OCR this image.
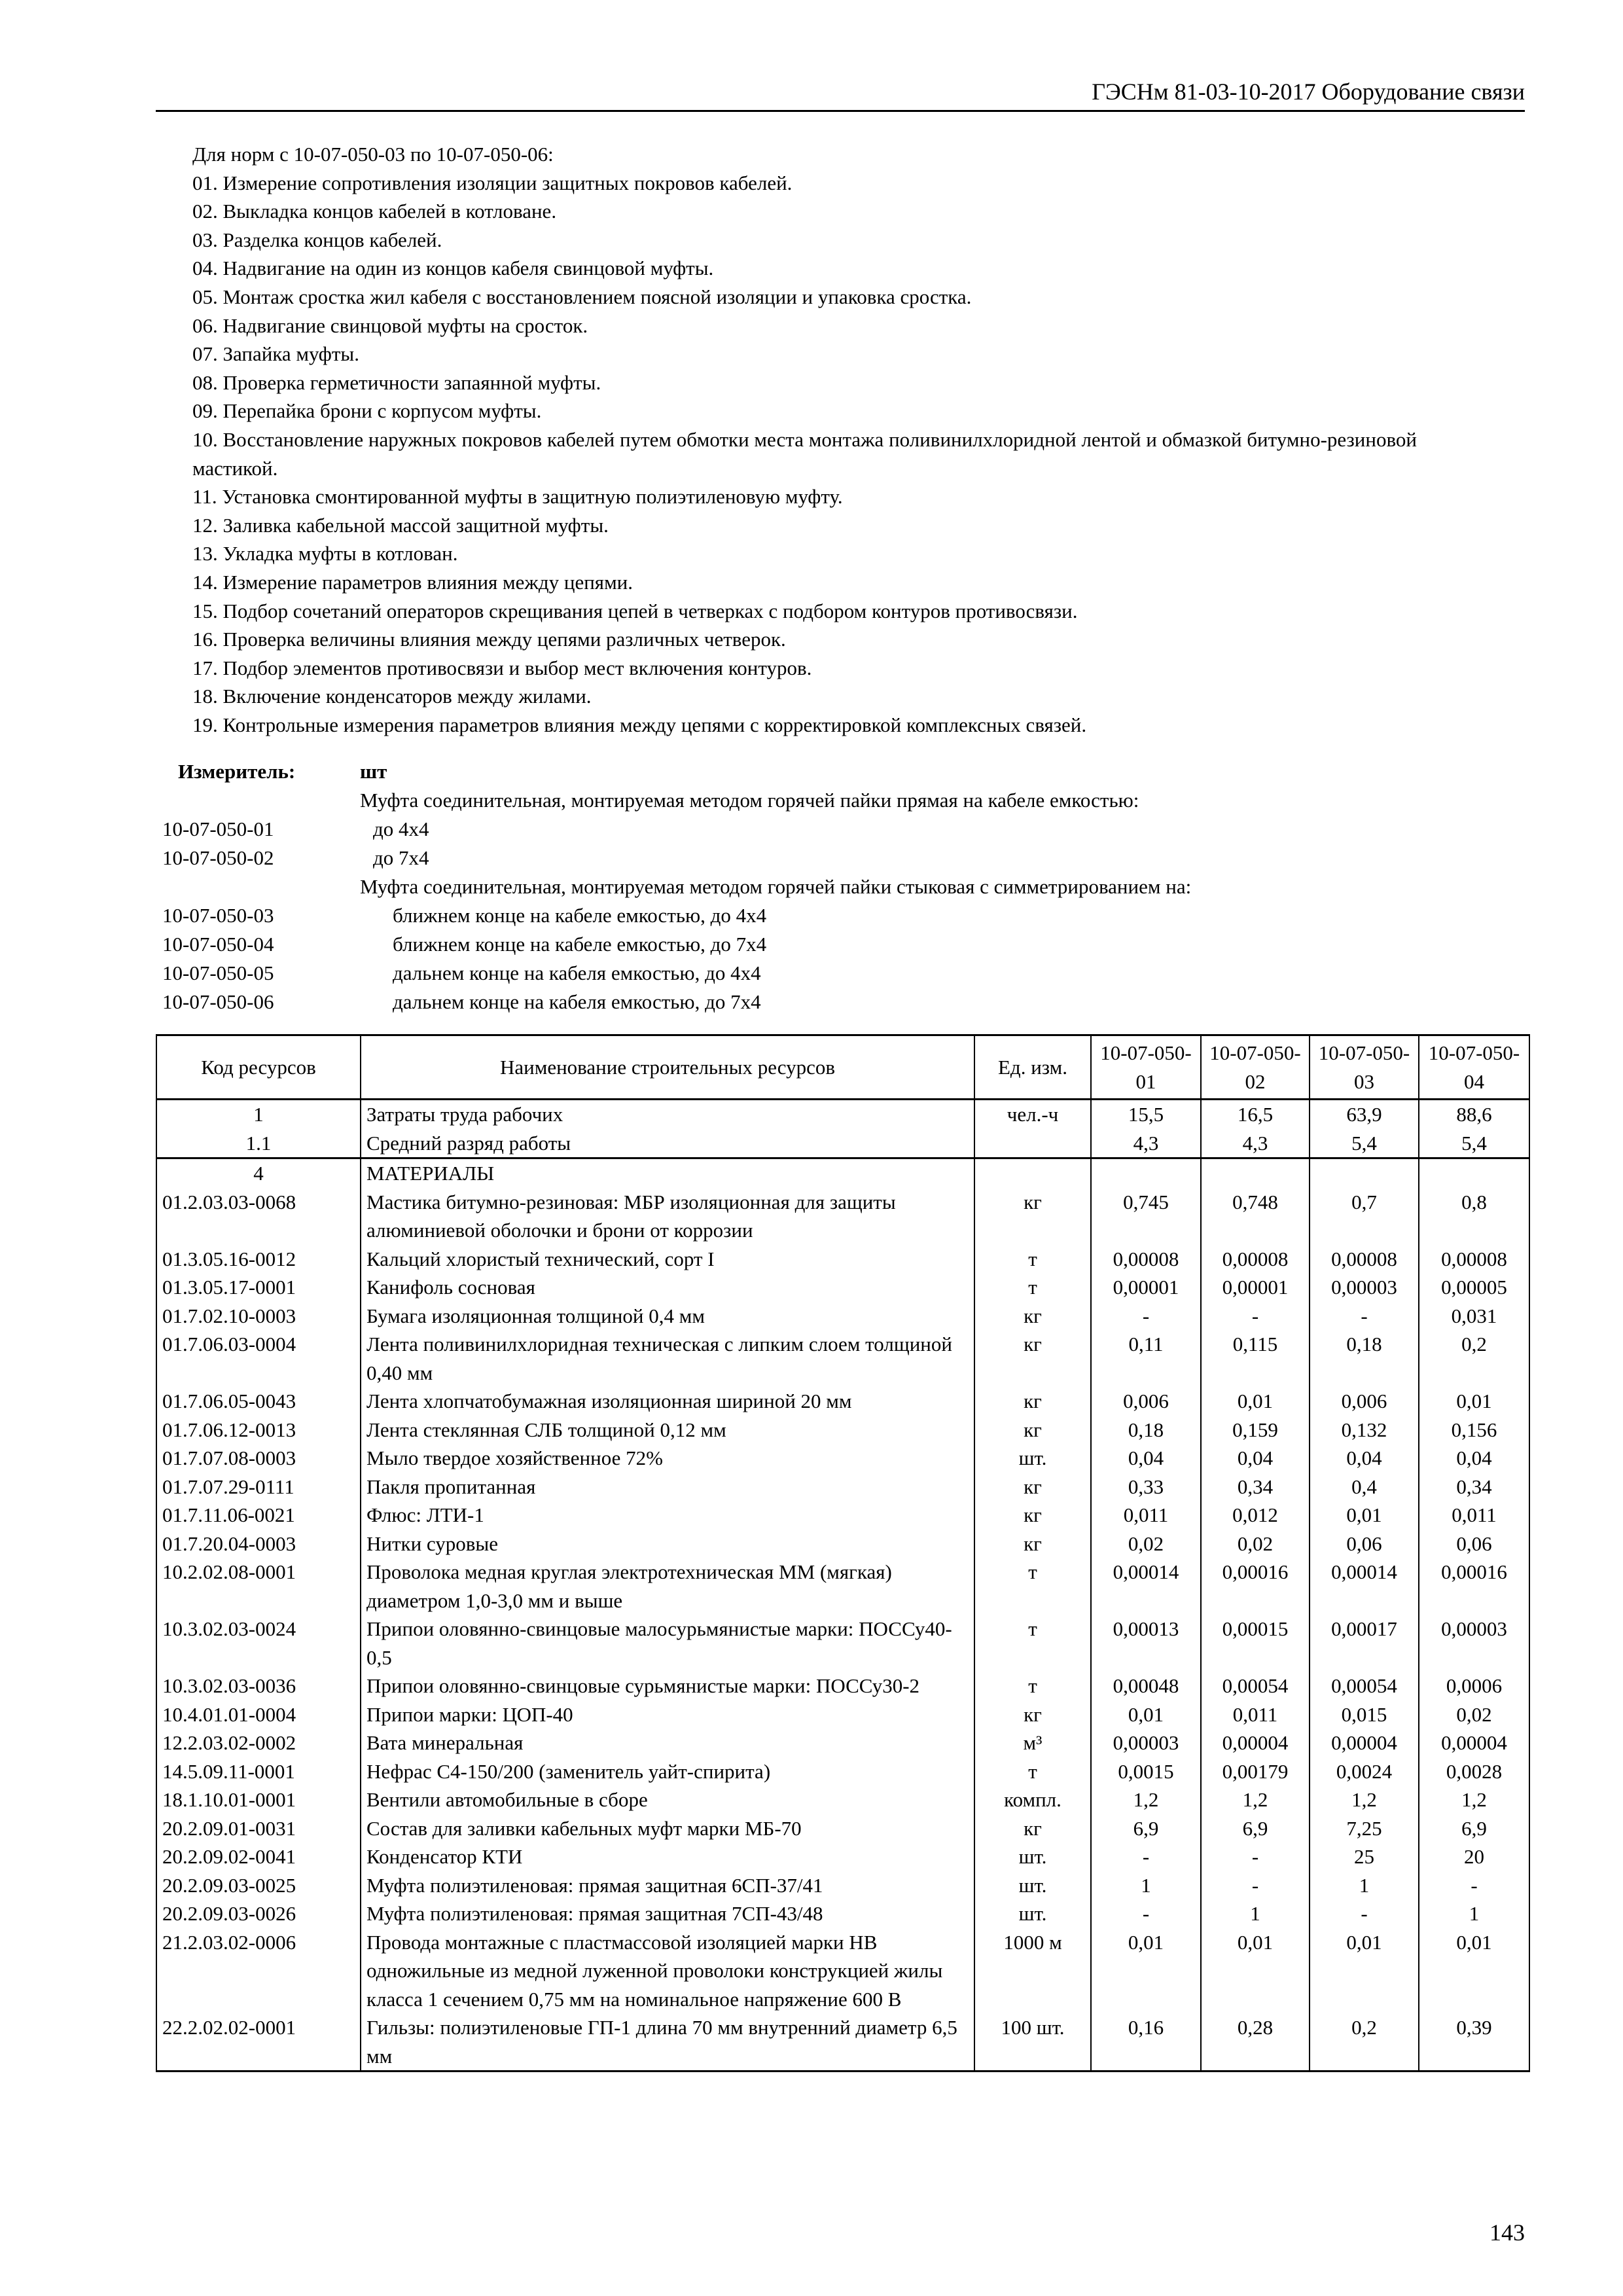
ГЭСНм 81-03-10-2017 Оборудование связи
Для норм с 10-07-050-03 по 10-07-050-06:
01. Измерение сопротивления изоляции защитных покровов кабелей.
02. Выкладка концов кабелей в котловане.
03. Разделка концов кабелей.
04. Надвигание на один из концов кабеля свинцовой муфты.
05. Монтаж сростка жил кабеля с восстановлением поясной изоляции и упаковка сростка.
06. Надвигание свинцовой муфты на сросток.
07. Запайка муфты.
08. Проверка герметичности запаянной муфты.
09. Перепайка брони с корпусом муфты.
10. Восстановление наружных покровов кабелей путем обмотки места монтажа поливинилхлоридной лентой и обмазкой битумно-резиновой мастикой.
11. Установка смонтированной муфты в защитную полиэтиленовую муфту.
12. Заливка кабельной массой защитной муфты.
13. Укладка муфты в котлован.
14. Измерение параметров влияния между цепями.
15. Подбор сочетаний операторов скрещивания цепей в четверках с подбором контуров противосвязи.
16. Проверка величины влияния между цепями различных четверок.
17. Подбор элементов противосвязи и выбор мест включения контуров.
18. Включение конденсаторов между жилами.
19. Контрольные измерения параметров влияния между цепями с корректировкой комплексных связей.
Измеритель:	шт
Муфта соединительная, монтируемая методом горячей пайки прямая на кабеле емкостью:
10-07-050-01	до 4х4
10-07-050-02	до 7х4
Муфта соединительная, монтируемая методом горячей пайки стыковая с симметрированием на:
10-07-050-03	ближнем конце на кабеле емкостью, до 4х4
10-07-050-04	ближнем конце на кабеле емкостью, до 7х4
10-07-050-05	дальнем конце на кабеля емкостью, до 4х4
10-07-050-06	дальнем конце на кабеля емкостью, до 7х4
Код ресурсов	Наименование строительных ресурсов	Ед. изм.	10-07-050-01	10-07-050-02	10-07-050-03	10-07-050-04
1	Затраты труда рабочих	чел.-ч	15,5	16,5	63,9	88,6
1.1	Средний разряд работы		4,3	4,3	5,4	5,4
4	МАТЕРИАЛЫ					
01.2.03.03-0068	Мастика битумно-резиновая: МБР изоляционная для защиты алюминиевой оболочки и брони от коррозии	кг	0,745	0,748	0,7	0,8
01.3.05.16-0012	Кальций хлористый технический, сорт I	т	0,00008	0,00008	0,00008	0,00008
01.3.05.17-0001	Канифоль сосновая	т	0,00001	0,00001	0,00003	0,00005
01.7.02.10-0003	Бумага изоляционная толщиной 0,4 мм	кг	-	-	-	0,031
01.7.06.03-0004	Лента поливинилхлоридная техническая с липким слоем толщиной 0,40 мм	кг	0,11	0,115	0,18	0,2
01.7.06.05-0043	Лента хлопчатобумажная изоляционная шириной 20 мм	кг	0,006	0,01	0,006	0,01
01.7.06.12-0013	Лента стеклянная СЛБ толщиной 0,12 мм	кг	0,18	0,159	0,132	0,156
01.7.07.08-0003	Мыло твердое хозяйственное 72%	шт.	0,04	0,04	0,04	0,04
01.7.07.29-0111	Пакля пропитанная	кг	0,33	0,34	0,4	0,34
01.7.11.06-0021	Флюс: ЛТИ-1	кг	0,011	0,012	0,01	0,011
01.7.20.04-0003	Нитки суровые	кг	0,02	0,02	0,06	0,06
10.2.02.08-0001	Проволока медная круглая электротехническая ММ (мягкая) диаметром 1,0-3,0 мм и выше	т	0,00014	0,00016	0,00014	0,00016
10.3.02.03-0024	Припои оловянно-свинцовые малосурьмянистые марки: ПОССу40-0,5	т	0,00013	0,00015	0,00017	0,00003
10.3.02.03-0036	Припои оловянно-свинцовые сурьмянистые марки: ПОССу30-2	т	0,00048	0,00054	0,00054	0,0006
10.4.01.01-0004	Припои марки: ЦОП-40	кг	0,01	0,011	0,015	0,02
12.2.03.02-0002	Вата минеральная	м³	0,00003	0,00004	0,00004	0,00004
14.5.09.11-0001	Нефрас С4-150/200 (заменитель уайт-спирита)	т	0,0015	0,00179	0,0024	0,0028
18.1.10.01-0001	Вентили автомобильные в сборе	компл.	1,2	1,2	1,2	1,2
20.2.09.01-0031	Состав для заливки кабельных муфт марки МБ-70	кг	6,9	6,9	7,25	6,9
20.2.09.02-0041	Конденсатор КТИ	шт.	-	-	25	20
20.2.09.03-0025	Муфта полиэтиленовая: прямая защитная 6СП-37/41	шт.	1	-	1	-
20.2.09.03-0026	Муфта полиэтиленовая: прямая защитная 7СП-43/48	шт.	-	1	-	1
21.2.03.02-0006	Провода монтажные с пластмассовой изоляцией марки НВ одножильные из медной луженной проволоки конструкцией жилы класса 1 сечением 0,75 мм на номинальное напряжение 600 В	1000 м	0,01	0,01	0,01	0,01
22.2.02.02-0001	Гильзы: полиэтиленовые ГП-1 длина 70 мм внутренний диаметр 6,5 мм	100 шт.	0,16	0,28	0,2	0,39
143
